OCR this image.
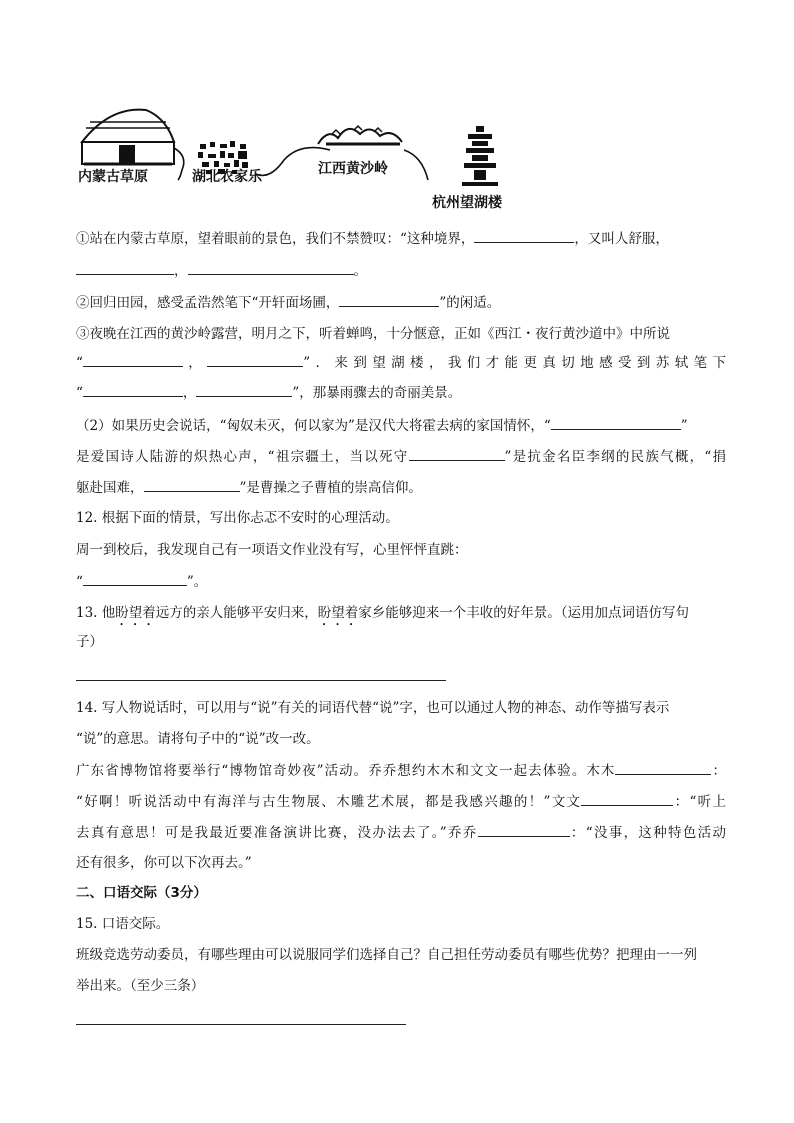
内蒙古草原	湖北农家乐	江西黄沙岭
杭州望湖楼
①站在内蒙古草原，望着眼前的景色，我们不禁赞叹：“这种境界，	，又叫人舒服，
，	。
②回归田园，感受孟浩然笔下“开轩面场圃，	”的闲适。
③夜晚在江西的黄沙岭露营，明月之下，听着蝉鸣，十分惬意，正如《西江・夜行黄沙道中》中所说
“	，	”．来到望湖楼，我们才能更真切地感受到苏轼笔下
“	，	”，那暴雨骤去的奇丽美景。
（2）如果历史会说话，“匈奴未灭，何以家为”是汉代大将霍去病的家国情怀，“	”
是爱国诗人陆游的炽热心声，“祖宗疆土，当以死守	”是抗金名臣李纲的民族气概，“捐
躯赴国难，	”是曹操之子曹植的崇高信仰。
12. 根据下面的情景，写出你忐忑不安时的心理活动。
周一到校后，我发现自己有一项语文作业没有写，心里怦怦直跳：
“	”。
13. 他盼望着远方的亲人能够平安归来，盼望着家乡能够迎来一个丰收的好年景。（运用加点词语仿写句
子）
14. 写人物说话时，可以用与“说”有关的词语代替“说”字，也可以通过人物的神态、动作等描写表示
“说”的意思。请将句子中的“说”改一改。
广东省博物馆将要举行“博物馆奇妙夜”活动。乔乔想约木木和文文一起去体验。木木	：
“好啊！听说活动中有海洋与古生物展、木雕艺术展，都是我感兴趣的！”文文	：“听上
去真有意思！可是我最近要准备演讲比赛，没办法去了。”乔乔	：“没事，这种特色活动
还有很多，你可以下次再去。”
二、口语交际（3分）
15. 口语交际。
班级竞选劳动委员，有哪些理由可以说服同学们选择自己？自己担任劳动委员有哪些优势？把理由一一列
举出来。（至少三条）
